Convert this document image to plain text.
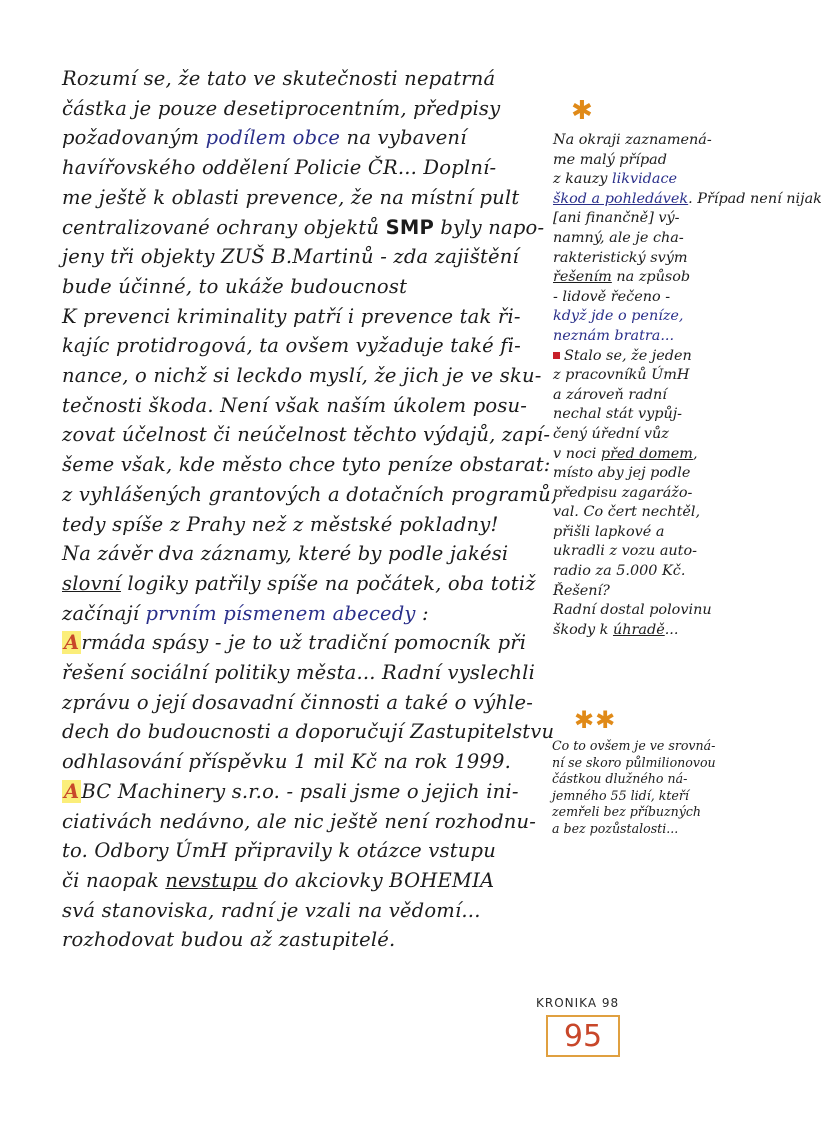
✱
✱✱
Rozumí se, že tato ve skutečnosti nepatrná
částka je pouze desetiprocentním, předpisy
požadovaným podílem obce na vybavení
havířovského oddělení Policie ČR... Doplní-
me ještě k oblasti prevence, že na místní pult
centralizované ochrany objektů SMP byly napo-
jeny tři objekty ZUŠ B.Martinů - zda zajištění
bude účinné, to ukáže budoucnost
K prevenci kriminality patří i prevence tak ři-
kajíc protidrogová, ta ovšem vyžaduje také fi-
nance, o nichž si leckdo myslí, že jich je ve sku-
tečnosti škoda. Není však naším úkolem posu-
zovat účelnost či neúčelnost těchto výdajů, zapí-
šeme však, kde město chce tyto peníze obstarat:
z vyhlášených grantových a dotačních programů,
tedy spíše z Prahy než z městské pokladny!
Na závěr dva záznamy, které by podle jakési
slovní logiky patřily spíše na počátek, oba totiž
začínají prvním písmenem abecedy :
A rmáda spásy - je to už tradiční pomocník při
řešení sociální politiky města... Radní vyslechli
zprávu o její dosavadní činnosti a také o výhle-
dech do budoucnosti a doporučují Zastupitelstvu
odhlasování příspěvku 1 mil Kč na rok 1999.
A BC Machinery s.r.o. - psali jsme o jejich ini-
ciativách nedávno, ale nic ještě není rozhodnu-
to. Odbory ÚmH připravily k otázce vstupu
či naopak nevstupu do akciovky BOHEMIA
svá stanoviska, radní je vzali na vědomí...
rozhodovat budou až zastupitelé.
Na okraji zaznamená-
me malý případ
z kauzy likvidace
škod a pohledávek. Případ není nijak
[ani finančně] vý-
namný, ale je cha-
rakteristický svým
řešením na způsob
- lidově řečeno -
když jde o peníze,
neznám bratra...
Stalo se, že jeden
z pracovníků ÚmH
a zároveň radní
nechal stát vypůj-
čený úřední vůz
v noci před domem,
místo aby jej podle
předpisu zagarážo-
val. Co čert nechtěl,
přišli lapkové a
ukradli z vozu auto-
radio za 5.000 Kč.
Řešení?
Radní dostal polovinu
škody k úhradě...
Co to ovšem je ve srovná-
ní se skoro půlmilionovou
částkou dlužného ná-
jemného 55 lidí, kteří
zemřeli bez příbuzných
a bez pozůstalosti...
KRONIKA 98
95
